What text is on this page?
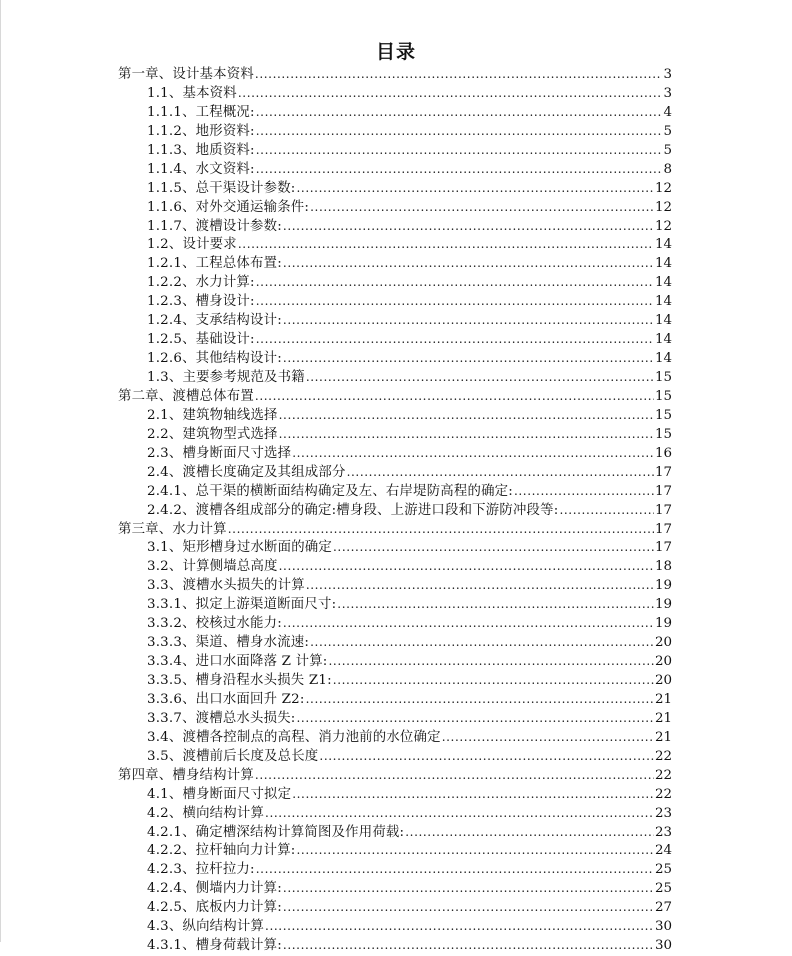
目录
第一章、设计基本资料 .....	3
1.1、基本资料 .....	3
1.1.1、工程概况: .....	4
1.1.2、地形资料: .....	5
1.1.3、地质资料: .....	5
1.1.4、水文资料: .....	8
1.1.5、总干渠设计参数: .....	12
1.1.6、对外交通运输条件: .....	12
1.1.7、渡槽设计参数: .....	12
1.2、设计要求 .....	14
1.2.1、工程总体布置: .....	14
1.2.2、水力计算: .....	14
1.2.3、槽身设计: .....	14
1.2.4、支承结构设计: .....	14
1.2.5、基础设计: .....	14
1.2.6、其他结构设计: .....	14
1.3、主要参考规范及书籍 .....	15
第二章、渡槽总体布置 .....	15
2.1、建筑物轴线选择 .....	15
2.2、建筑物型式选择 .....	15
2.3、槽身断面尺寸选择 .....	16
2.4、渡槽长度确定及其组成部分 .....	17
2.4.1、总干渠的横断面结构确定及左、右岸堤防高程的确定: .....	17
2.4.2、渡槽各组成部分的确定:槽身段、上游进口段和下游防冲段等: .....	17
第三章、水力计算 .....	17
3.1、矩形槽身过水断面的确定 .....	17
3.2、计算侧墙总高度 .....	18
3.3、渡槽水头损失的计算 .....	19
3.3.1、拟定上游渠道断面尺寸: .....	19
3.3.2、校核过水能力: .....	19
3.3.3、渠道、槽身水流速: .....	20
3.3.4、进口水面降落 Z 计算: .....	20
3.3.5、槽身沿程水头损失 Z1: .....	20
3.3.6、出口水面回升 Z2: .....	21
3.3.7、渡槽总水头损失: .....	21
3.4、渡槽各控制点的高程、消力池前的水位确定 .....	21
3.5、渡槽前后长度及总长度 .....	22
第四章、槽身结构计算 .....	22
4.1、槽身断面尺寸拟定 .....	22
4.2、横向结构计算 .....	23
4.2.1、确定槽深结构计算简图及作用荷载: .....	23
4.2.2、拉杆轴向力计算: .....	24
4.2.3、拉杆拉力: .....	25
4.2.4、侧墙内力计算: .....	25
4.2.5、底板内力计算: .....	27
4.3、纵向结构计算 .....	30
4.3.1、槽身荷载计算: .....	30
